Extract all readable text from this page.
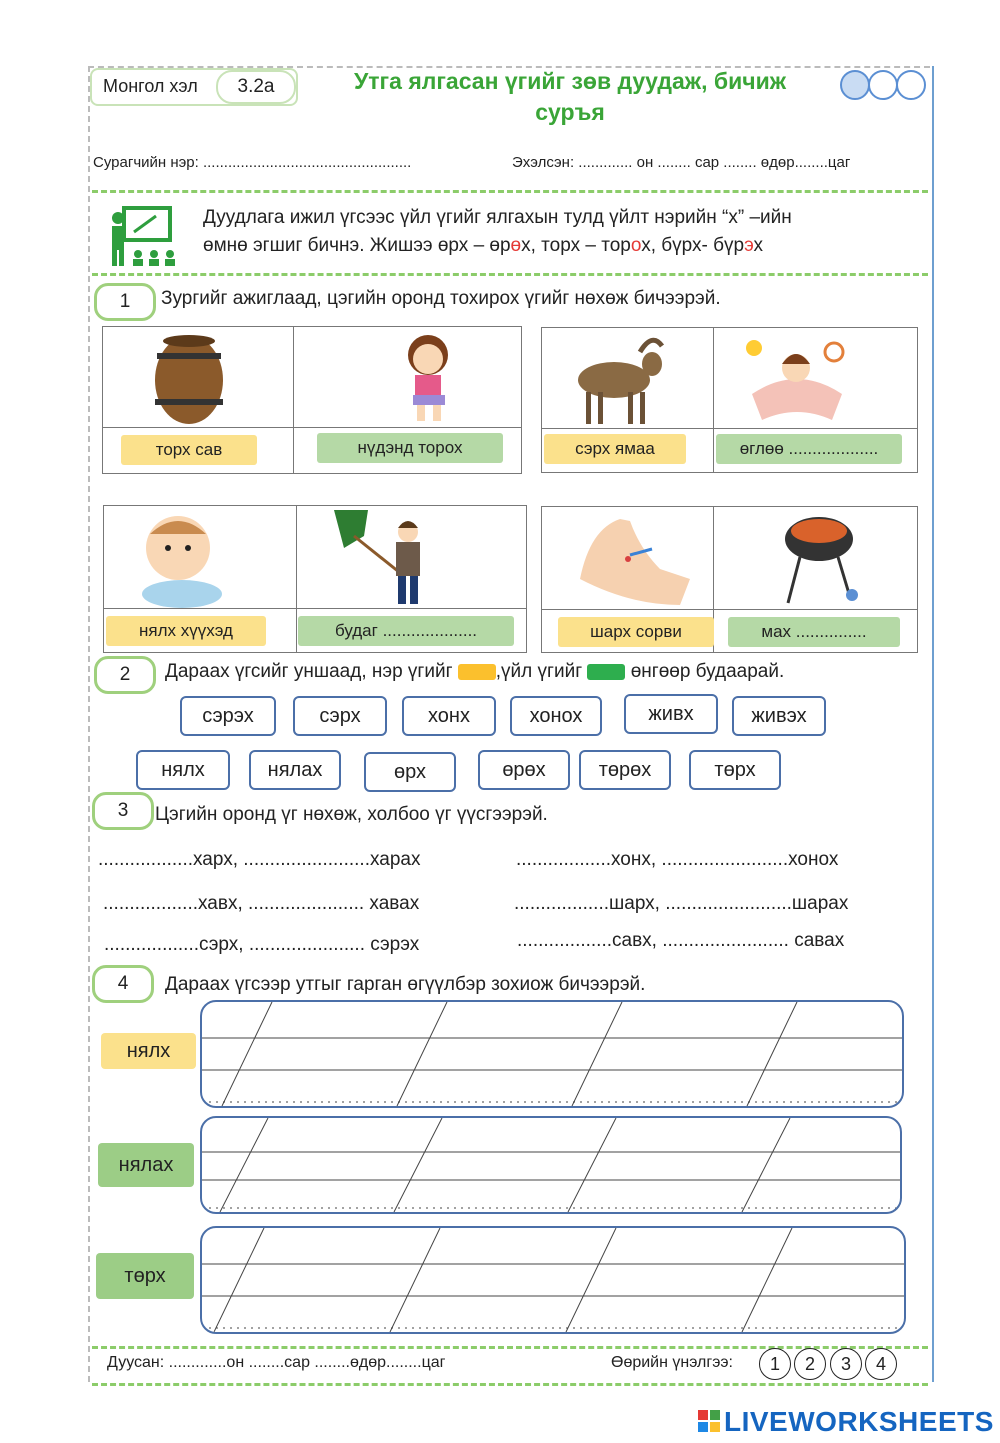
Монгол хэл	3.2а	Утга ялгасан үгийг зөв дуудаж, бичиж
суръя
Сурагчийн нэр: ..................................................	Эхэлсэн: ............. он ........ сар ........ өдөр........цаг
Дуудлага ижил үгсээс үйл үгийг ялгахын тулд үйлт нэрийн “х” –ийн
өмнө эгшиг бичнэ. Жишээ өрх – өрөх, торх – торох, бүрх- бүрэх
1	Зургийг ажиглаад, цэгийн оронд тохирох үгийг нөхөж бичээрэй.
торх сав	нүдэнд торох	сэрх ямаа	өглөө ...................
нялх хүүхэд	будаг ....................	шарх сорви	мах ...............
2	Дараах үгсийг уншаад, нэр үгийг ,үйл үгийг	өнгөөр будаарай.
сэрэх	сэрх	хонх	хонох	живх	живэх
нялх	нялах	өрх	өрөх	төрөх	төрх
3	Цэгийн оронд үг нөхөж, холбоо үг үүсгээрэй.
..................харх, ........................харах	..................хонх, ........................хонох
..................хавх, ...................... хавах	..................шарх, ........................шарах
..................сэрх, ...................... сэрэх	..................савх, ........................ савах
4	Дараах үгсээр утгыг гарган өгүүлбэр зохиож бичээрэй.
нялх
нялах
төрх
Дуусан: .............он ........сар ........өдөр........цаг	Өөрийн үнэлгээ:	1	2	3	4
LIVEWORKSHEETS
